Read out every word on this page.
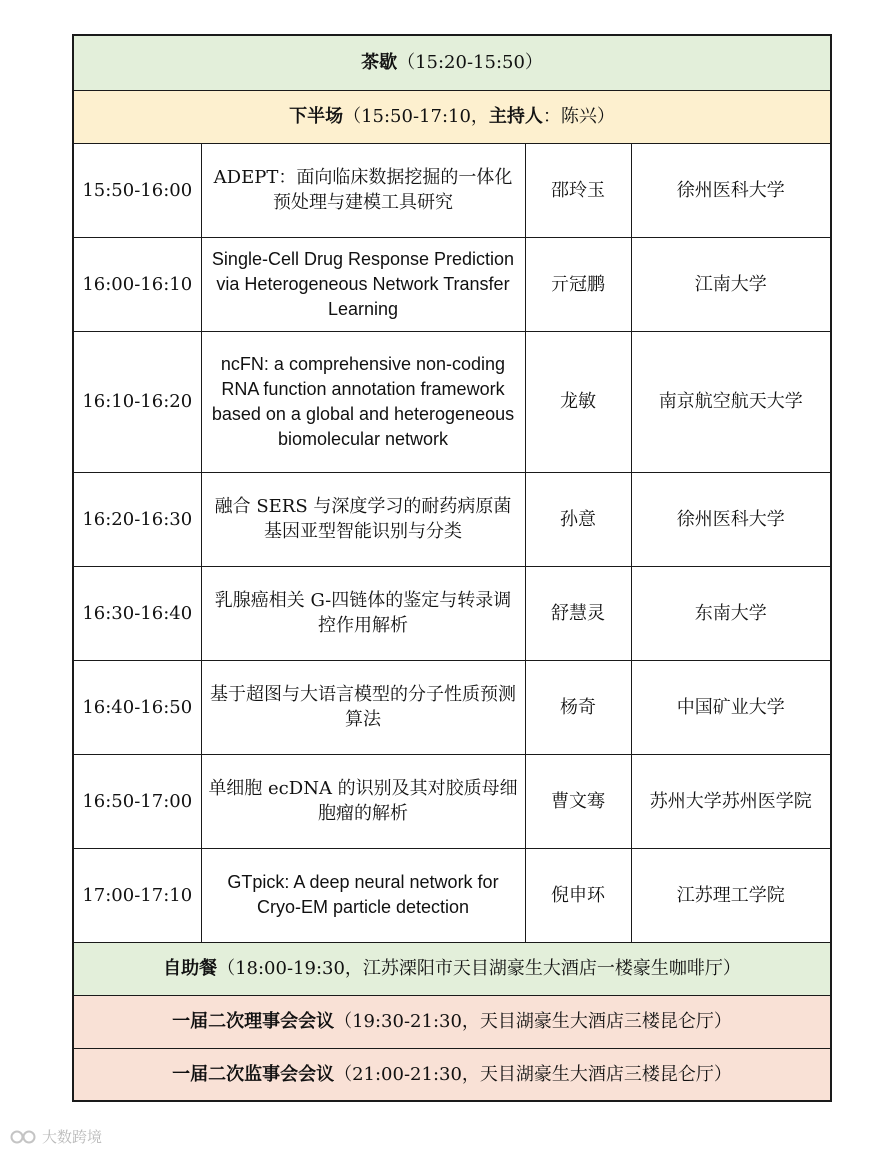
茶歇（15:20-15:50）			
下半场（15:50-17:10，主持人：陈兴）			
15:50-16:00	ADEPT：面向临床数据挖掘的一体化预处理与建模工具研究	邵玲玉	徐州医科大学
16:00-16:10	Single-Cell Drug Response Prediction via Heterogeneous Network Transfer Learning	亓冠鹏	江南大学
16:10-16:20	ncFN: a comprehensive non-coding RNA function annotation framework based on a global and heterogeneous biomolecular network	龙敏	南京航空航天大学
16:20-16:30	融合 SERS 与深度学习的耐药病原菌基因亚型智能识别与分类	孙意	徐州医科大学
16:30-16:40	乳腺癌相关 G-四链体的鉴定与转录调控作用解析	舒慧灵	东南大学
16:40-16:50	基于超图与大语言模型的分子性质预测算法	杨奇	中国矿业大学
16:50-17:00	单细胞 ecDNA 的识别及其对胶质母细胞瘤的解析	曹文骞	苏州大学苏州医学院
17:00-17:10	GTpick: A deep neural network for Cryo-EM particle detection	倪申环	江苏理工学院
自助餐（18:00-19:30，江苏溧阳市天目湖豪生大酒店一楼豪生咖啡厅）			
一届二次理事会会议（19:30-21:30，天目湖豪生大酒店三楼昆仑厅）			
一届二次监事会会议（21:00-21:30，天目湖豪生大酒店三楼昆仑厅）			
大数跨境
